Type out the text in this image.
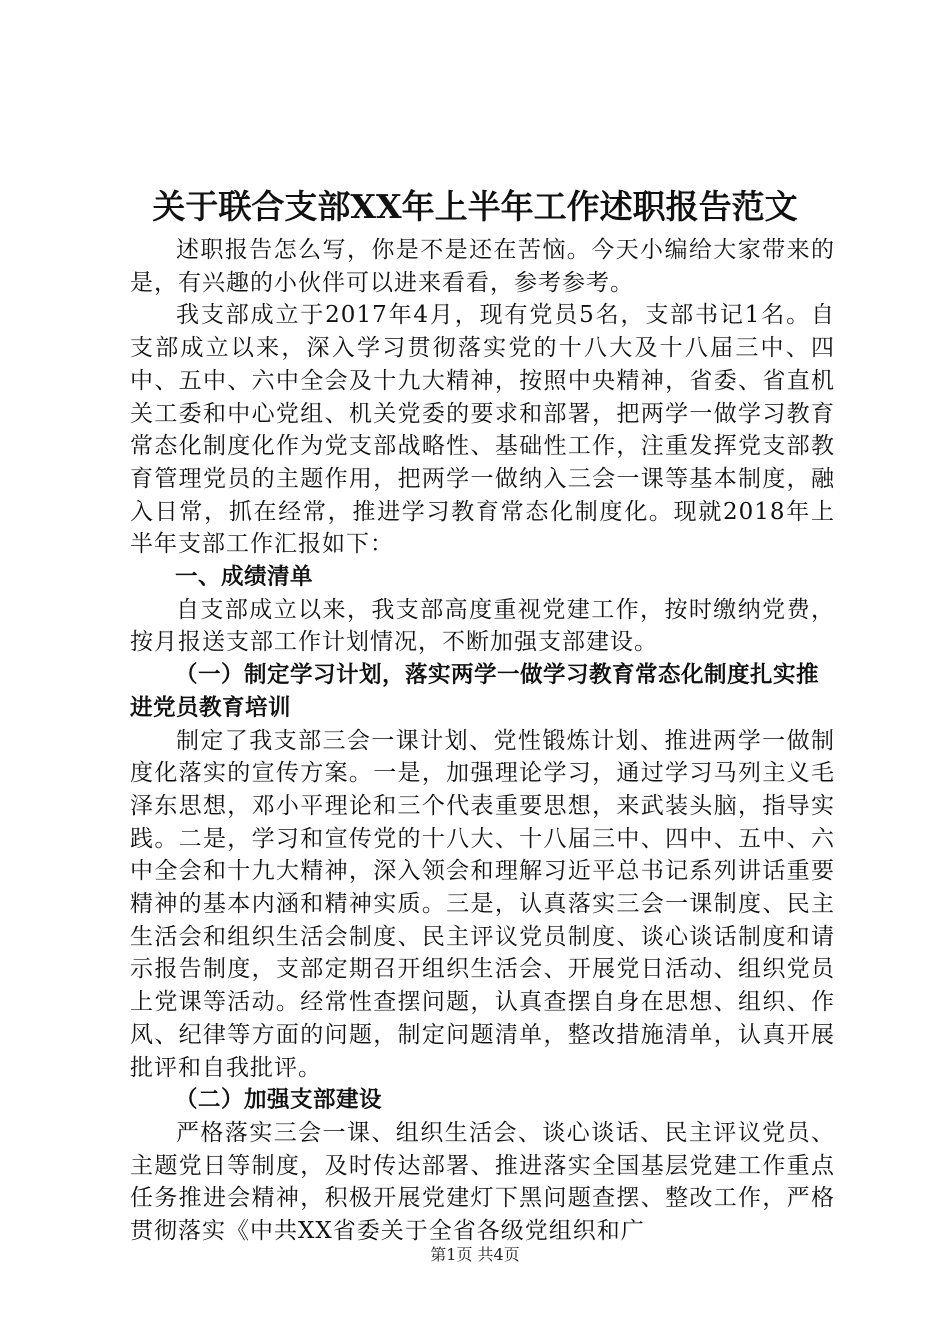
关于联合支部XX年上半年工作述职报告范文

述职报告怎么写，你是不是还在苦恼。今天小编给大家带来的是，有兴趣的小伙伴可以进来看看，参考参考。

我支部成立于2017年4月，现有党员5名，支部书记1名。自支部成立以来，深入学习贯彻落实党的十八大及十八届三中、四中、五中、六中全会及十九大精神，按照中央精神，省委、省直机关工委和中心党组、机关党委的要求和部署，把两学一做学习教育常态化制度化作为党支部战略性、基础性工作，注重发挥党支部教育管理党员的主题作用，把两学一做纳入三会一课等基本制度，融入日常，抓在经常，推进学习教育常态化制度化。现就2018年上半年支部工作汇报如下：

一、成绩清单

自支部成立以来，我支部高度重视党建工作，按时缴纳党费，按月报送支部工作计划情况，不断加强支部建设。

（一）制定学习计划，落实两学一做学习教育常态化制度扎实推进党员教育培训

制定了我支部三会一课计划、党性锻炼计划、推进两学一做制度化落实的宣传方案。一是，加强理论学习，通过学习马列主义毛泽东思想，邓小平理论和三个代表重要思想，来武装头脑，指导实践。二是，学习和宣传党的十八大、十八届三中、四中、五中、六中全会和十九大精神，深入领会和理解习近平总书记系列讲话重要精神的基本内涵和精神实质。三是，认真落实三会一课制度、民主生活会和组织生活会制度、民主评议党员制度、谈心谈话制度和请示报告制度，支部定期召开组织生活会、开展党日活动、组织党员上党课等活动。经常性查摆问题，认真查摆自身在思想、组织、作风、纪律等方面的问题，制定问题清单，整改措施清单，认真开展批评和自我批评。

（二）加强支部建设

严格落实三会一课、组织生活会、谈心谈话、民主评议党员、主题党日等制度，及时传达部署、推进落实全国基层党建工作重点任务推进会精神，积极开展党建灯下黑问题查摆、整改工作，严格贯彻落实《中共XX省委关于全省各级党组织和广

第1页 共4页
